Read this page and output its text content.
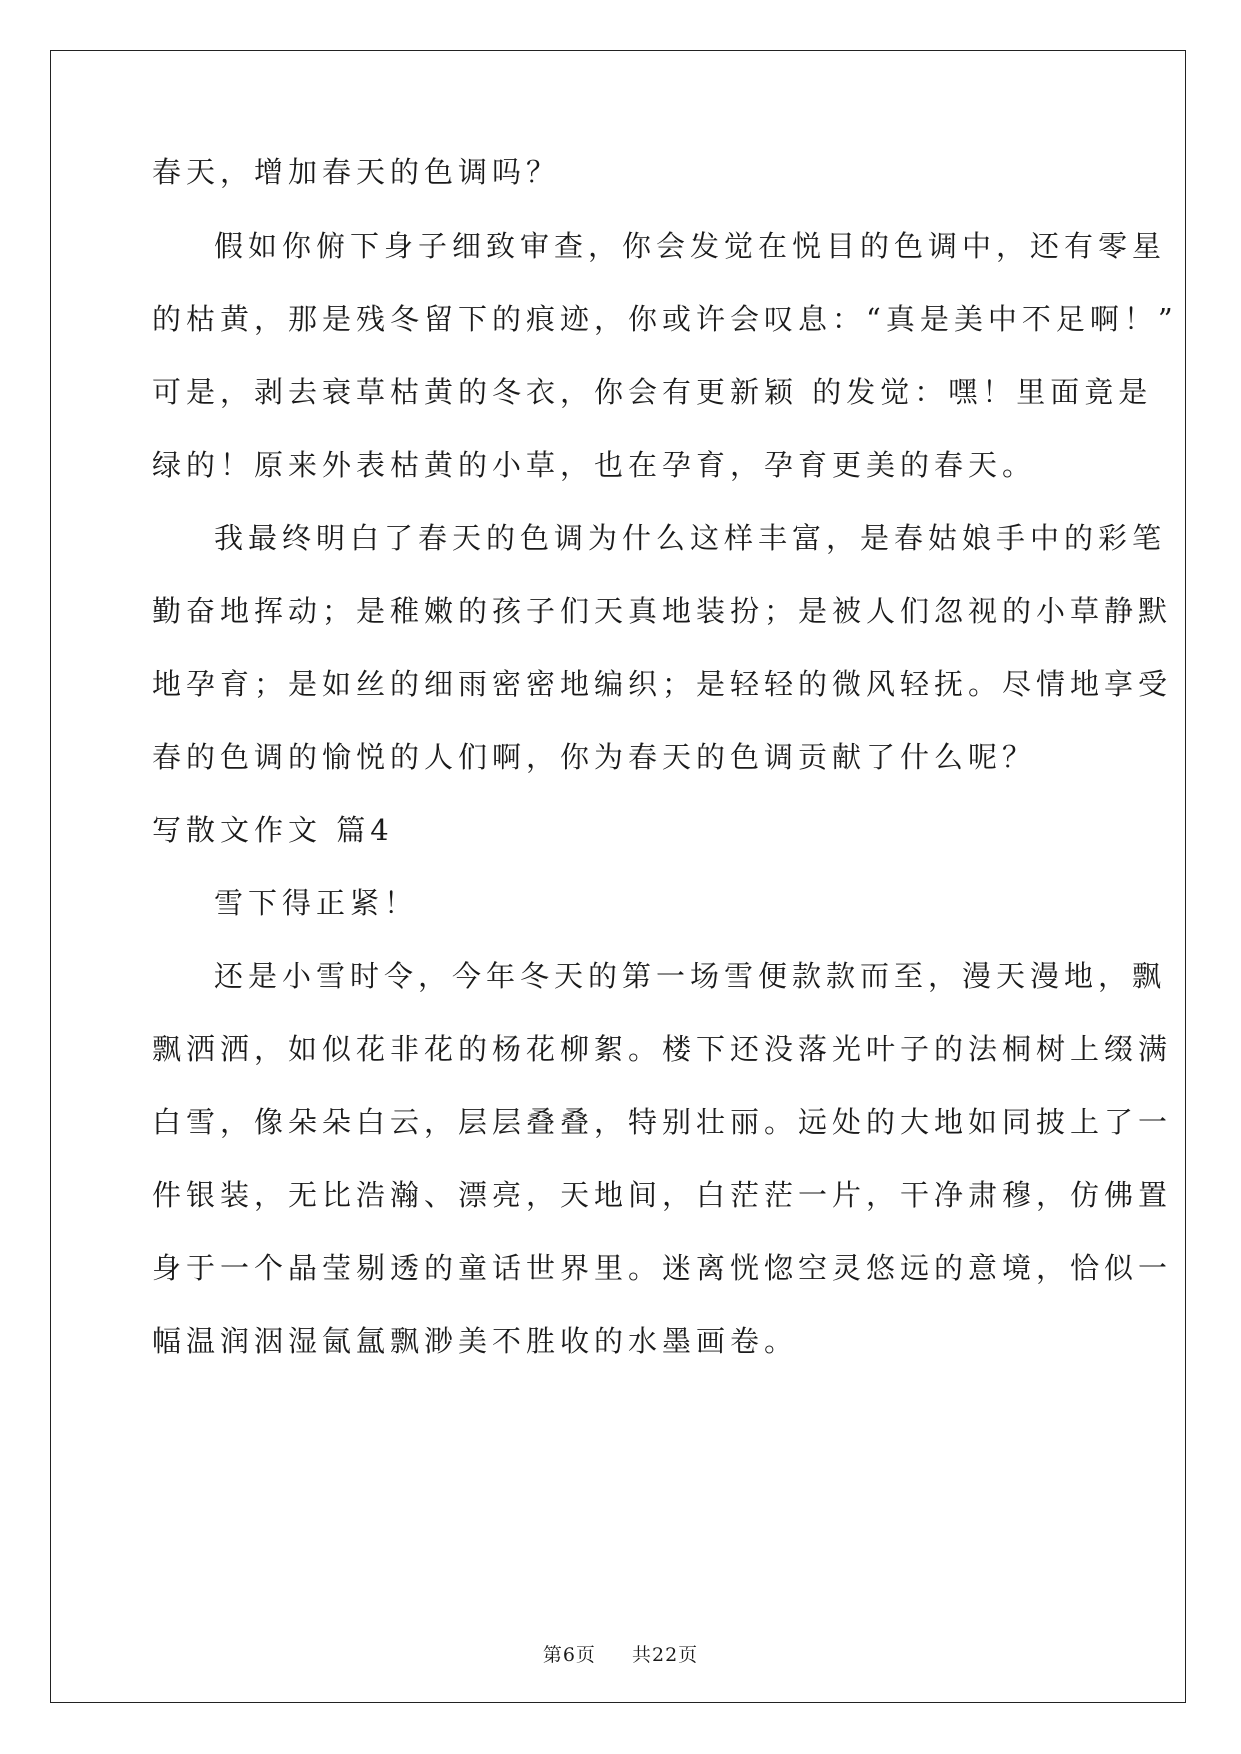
春天，增加春天的色调吗？
假如你俯下身子细致审查，你会发觉在悦目的色调中，还有零星
的枯黄，那是残冬留下的痕迹，你或许会叹息：“真是美中不足啊！”
可是，剥去衰草枯黄的冬衣，你会有更新颖 的发觉：嘿！里面竟是
绿的！原来外表枯黄的小草，也在孕育，孕育更美的春天。
我最终明白了春天的色调为什么这样丰富，是春姑娘手中的彩笔
勤奋地挥动；是稚嫩的孩子们天真地装扮；是被人们忽视的小草静默
地孕育；是如丝的细雨密密地编织；是轻轻的微风轻抚。尽情地享受
春的色调的愉悦的人们啊，你为春天的色调贡献了什么呢？
写散文作文 篇4
雪下得正紧！
还是小雪时令，今年冬天的第一场雪便款款而至，漫天漫地，飘
飘洒洒，如似花非花的杨花柳絮。楼下还没落光叶子的法桐树上缀满
白雪，像朵朵白云，层层叠叠，特别壮丽。远处的大地如同披上了一
件银装，无比浩瀚、漂亮，天地间，白茫茫一片，干净肃穆，仿佛置
身于一个晶莹剔透的童话世界里。迷离恍惚空灵悠远的意境，恰似一
幅温润洇湿氤氲飘渺美不胜收的水墨画卷。
第6页 共22页
